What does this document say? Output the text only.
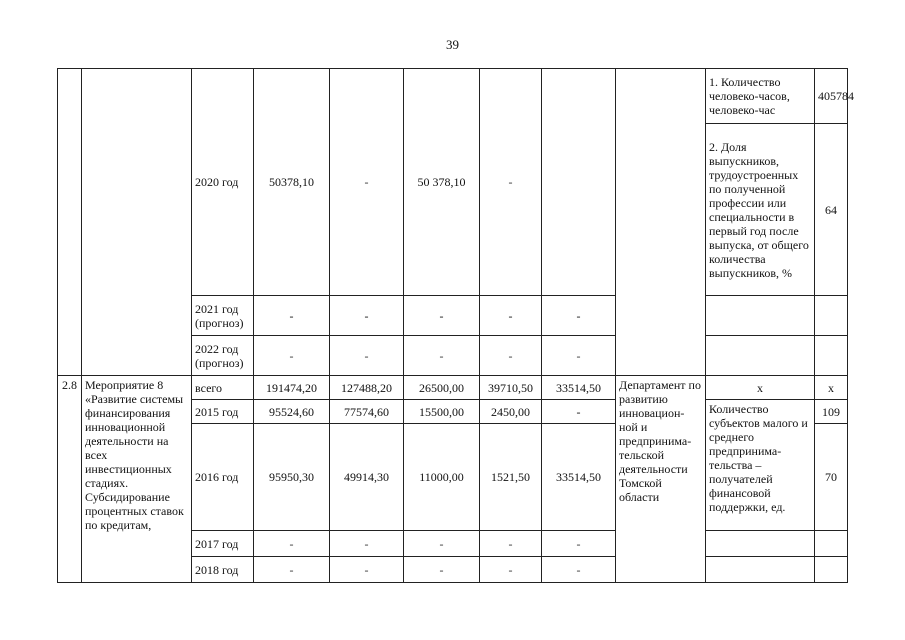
39
		2020 год	50378,10	-	50 378,10	-			1. Количество человеко-часов, человеко-час	405784
									2. Доля выпускников, трудоустроенных по полученной профессии или специальности в первый год после выпуска, от общего количества выпускников, %	64
		2021 год (прогноз)	-	-	-	-	-			
		2022 год (прогноз)	-	-	-	-	-			
2.8	Мероприятие 8 «Развитие системы финансирования инновационной деятельности на всех инвестиционных стадиях. Субсидирование процентных ставок по кредитам,	всего	191474,20	127488,20	26500,00	39710,50	33514,50	Департамент по развитию инновацион-ной и предпринима-тельской деятельности Томской области	х	х
		2015 год	95524,60	77574,60	15500,00	2450,00	-		Количество субъектов малого и среднего предпринима-тельства – получателей финансовой поддержки, ед.	109
		2016 год	95950,30	49914,30	11000,00	1521,50	33514,50			70
		2017 год	-	-	-	-	-			
		2018 год	-	-	-	-	-			
